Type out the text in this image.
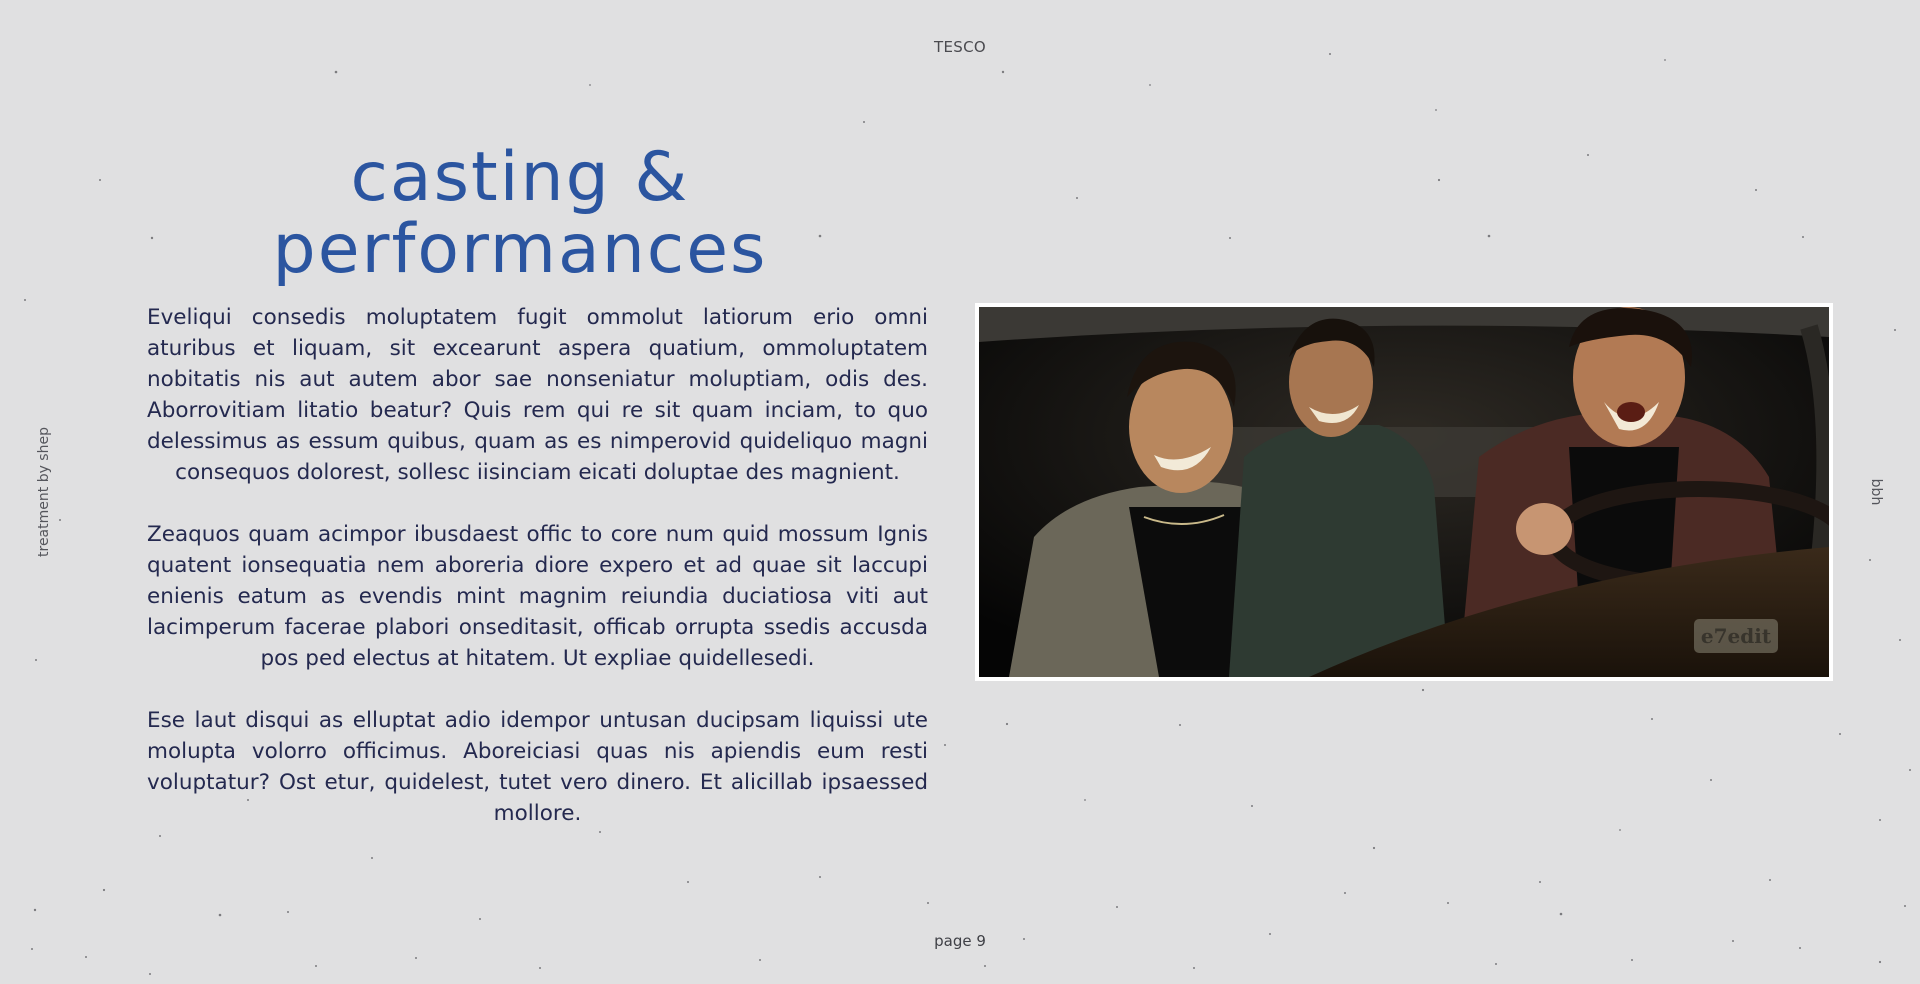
TESCO
treatment by shep	bbh
casting &
performances

Eveliqui consedis moluptatem fugit ommolut latiorum erio omni aturibus et liquam, sit excearunt aspera quatium, ommoluptatem nobitatis nis aut autem abor sae nonseniatur moluptiam, odis des. Aborrovitiam litatio beatur? Quis rem qui re sit quam inciam, to quo delessimus as essum quibus, quam as es nimperovid quideliquo magni consequos dolorest, sollesc iisinciam eicati doluptae des magnient.

Zeaquos quam acimpor ibusdaest offic to core num quid mossum Ignis quatent ionsequatia nem aboreria diore expero et ad quae sit laccupi enienis eatum as evendis mint magnim reiundia duciatiosa viti aut lacimperum facerae plabori onseditasit, officab orrupta ssedis accusda pos ped electus at hitatem. Ut expliae quidellesedi.

Ese laut disqui as elluptat adio idempor untusan ducipsam liquissi ute molupta volorro officimus. Aboreiciasi quas nis apiendis eum resti voluptatur? Ost etur, quidelest, tutet vero dinero. Et alicillab ipsaessed mollore.

e7edit
page 9
